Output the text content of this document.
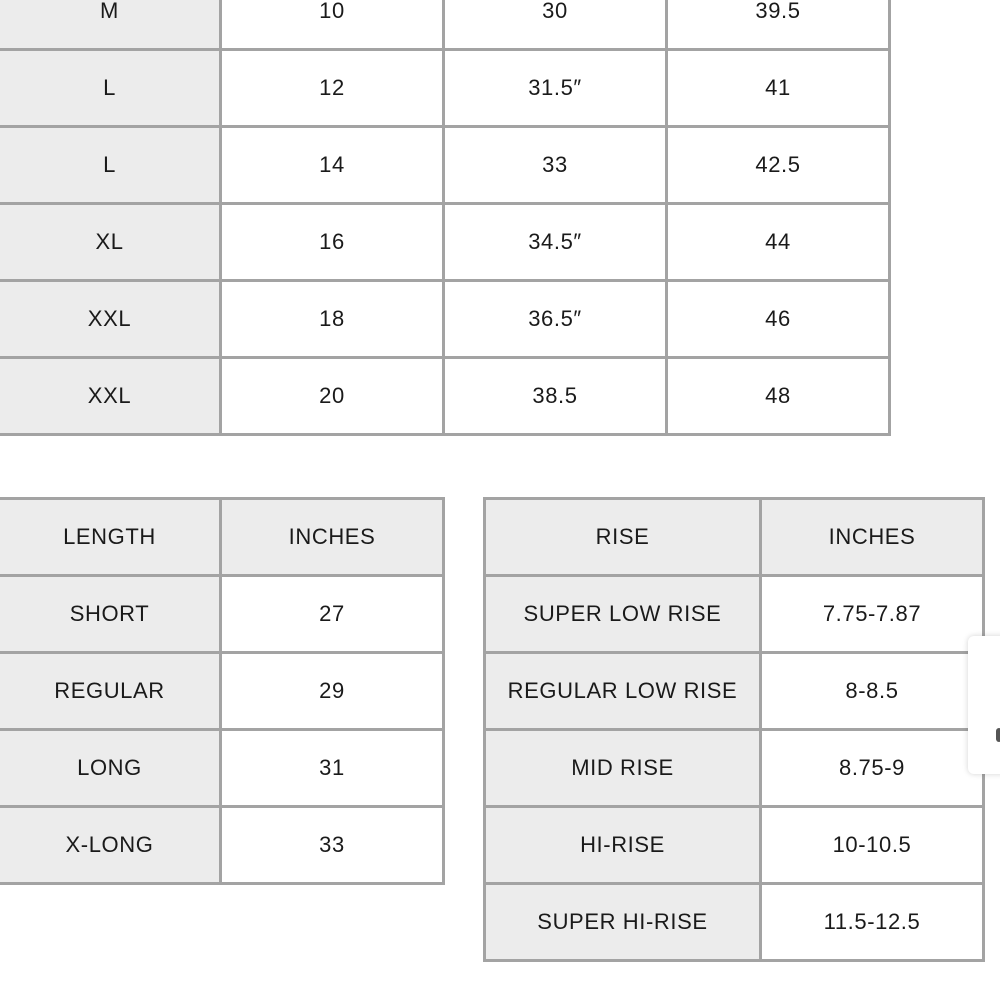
M	10	30	39.5
L	12	31.5″	41
L	14	33	42.5
XL	16	34.5″	44
XXL	18	36.5″	46
XXL	20	38.5	48
LENGTH	INCHES
SHORT	27
REGULAR	29
LONG	31
X-LONG	33
RISE	INCHES
SUPER LOW RISE	7.75-7.87
REGULAR LOW RISE	8-8.5
MID RISE	8.75-9
HI-RISE	10-10.5
SUPER HI-RISE	11.5-12.5
